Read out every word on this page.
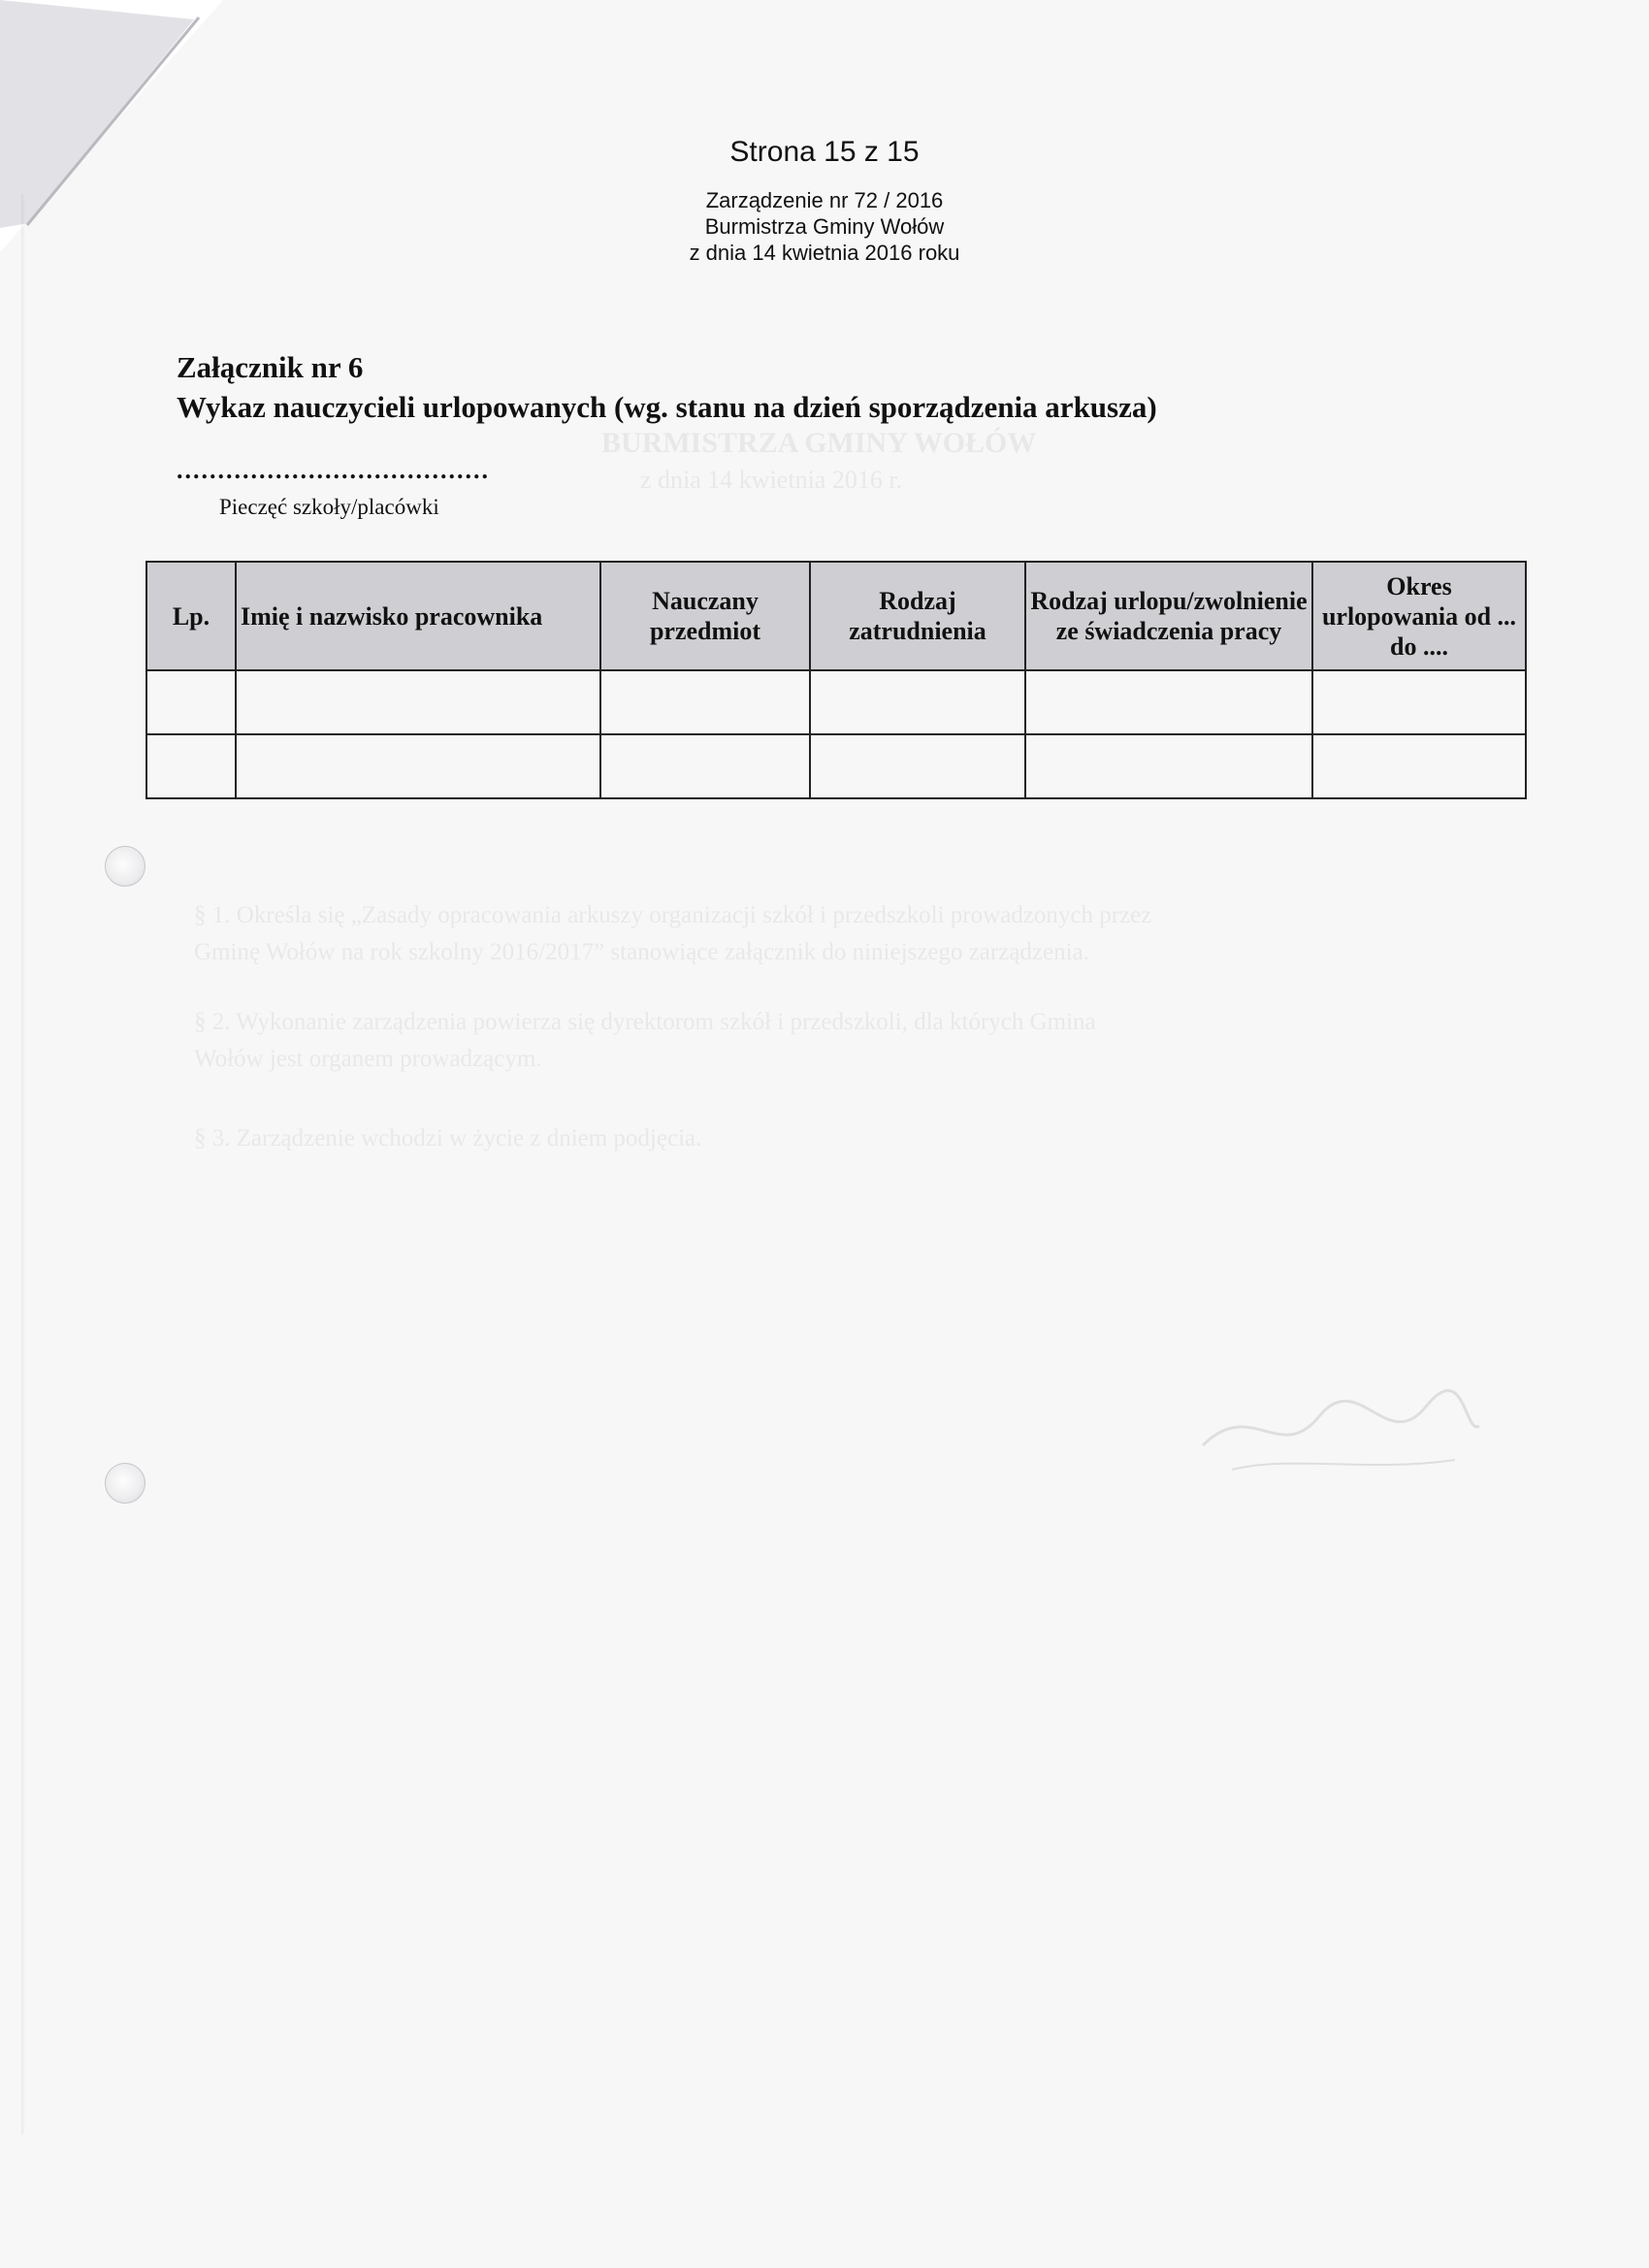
BURMISTRZA GMINY WOŁÓW
z dnia 14 kwietnia 2016 r.
§ 1. Określa się „Zasady opracowania arkuszy organizacji szkół i przedszkoli prowadzonych przez
Gminę Wołów na rok szkolny 2016/2017” stanowiące załącznik do niniejszego zarządzenia.
§ 2. Wykonanie zarządzenia powierza się dyrektorom szkół i przedszkoli, dla których Gmina
Wołów jest organem prowadzącym.
§ 3. Zarządzenie wchodzi w życie z dniem podjęcia.
Strona 15 z 15
Zarządzenie nr 72 / 2016
Burmistrza Gminy Wołów
z dnia 14 kwietnia 2016 roku
Załącznik nr 6
Wykaz nauczycieli urlopowanych (wg. stanu na dzień sporządzenia arkusza)
......................................
Pieczęć szkoły/placówki
Lp.	Imię i nazwisko pracownika	Nauczany przedmiot	Rodzaj zatrudnienia	Rodzaj urlopu/zwolnienie ze świadczenia pracy	Okres urlopowania od ... do ....
